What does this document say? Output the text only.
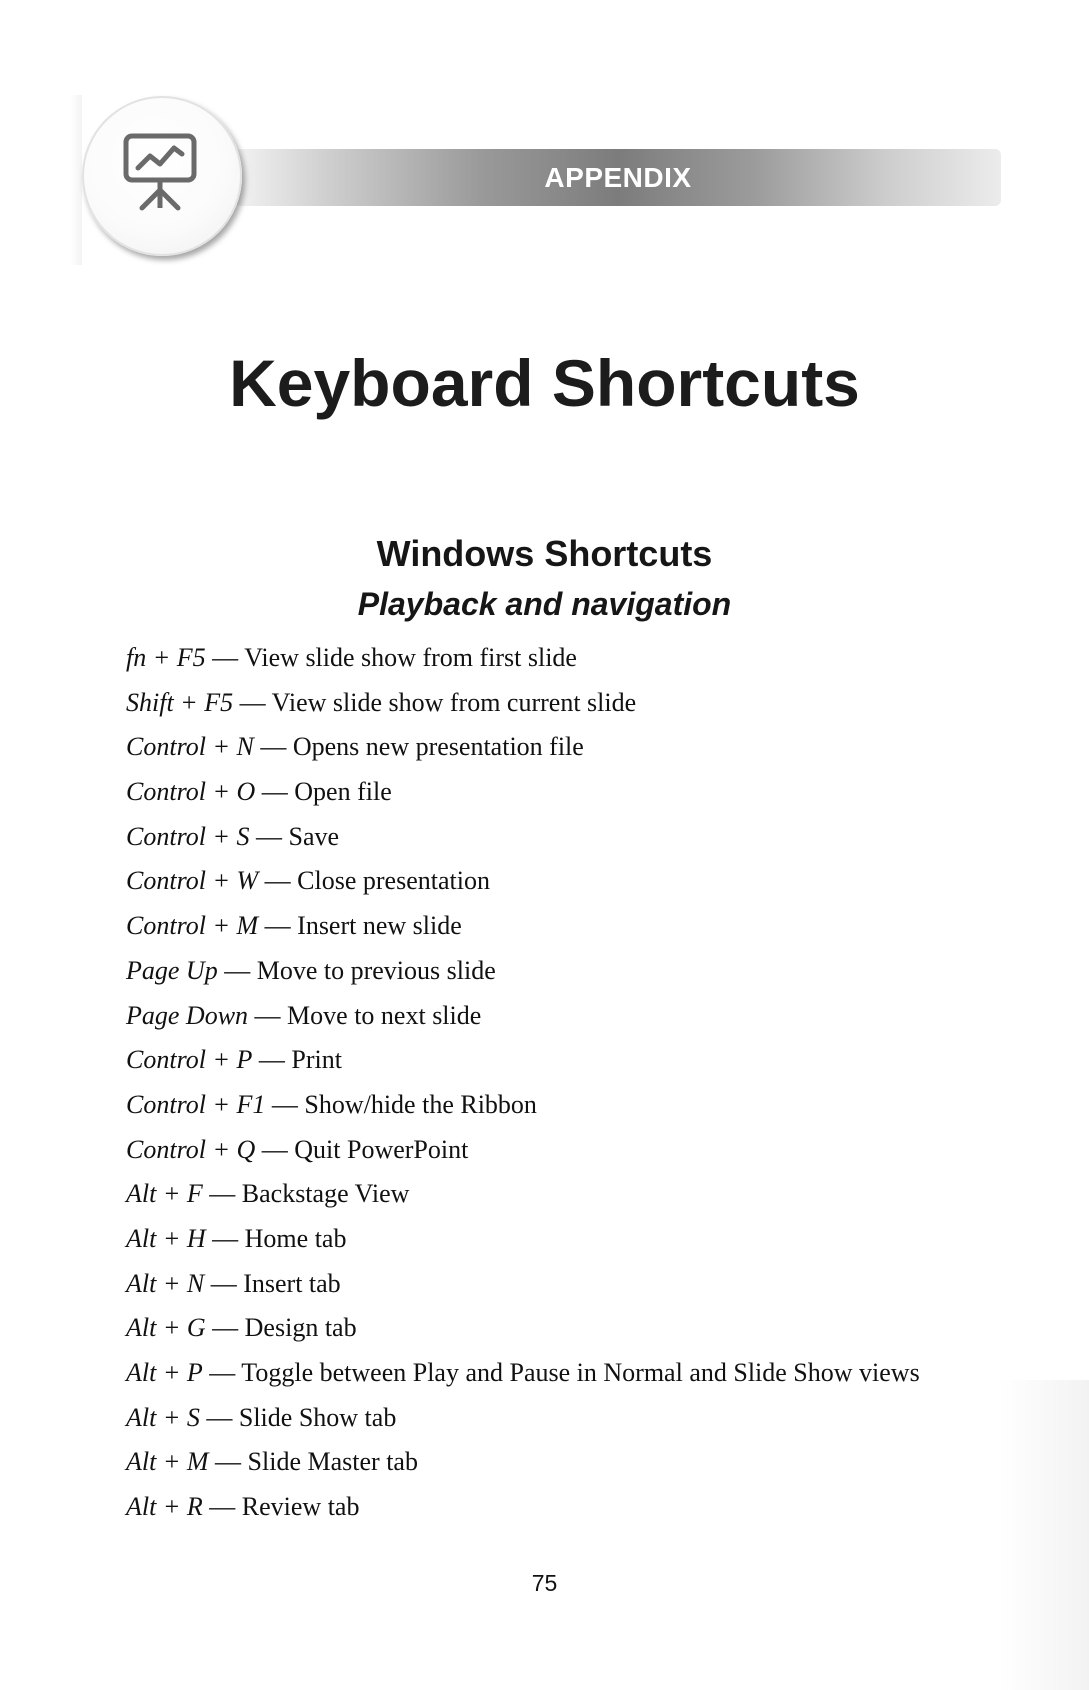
APPENDIX
Keyboard Shortcuts
Windows Shortcuts
Playback and navigation
fn + F5 — View slide show from first slide
Shift + F5 — View slide show from current slide
Control + N — Opens new presentation file
Control + O — Open file
Control + S — Save
Control + W — Close presentation
Control + M — Insert new slide
Page Up — Move to previous slide
Page Down — Move to next slide
Control + P — Print
Control + F1 — Show/hide the Ribbon
Control + Q — Quit PowerPoint
Alt + F — Backstage View
Alt + H — Home tab
Alt + N — Insert tab
Alt + G — Design tab
Alt + P — Toggle between Play and Pause in Normal and Slide Show views
Alt + S — Slide Show tab
Alt + M — Slide Master tab
Alt + R — Review tab
75
